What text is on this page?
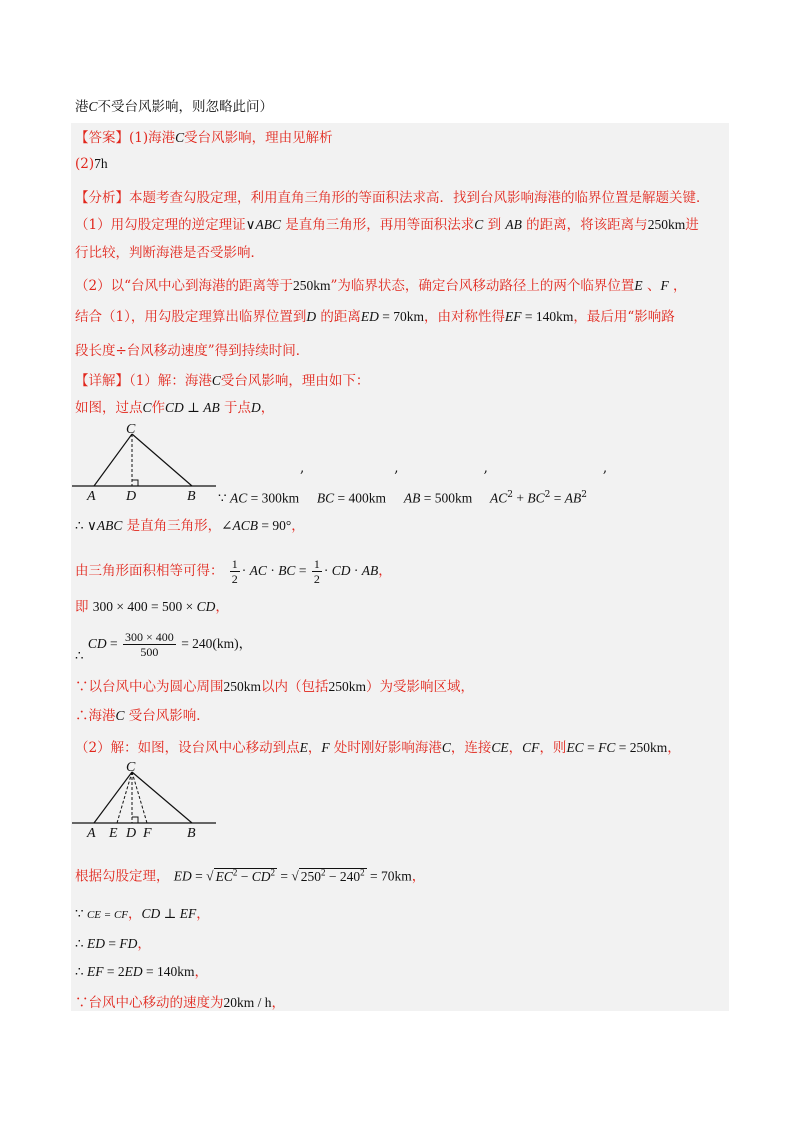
港C不受台风影响，则忽略此问）
【答案】(1)海港C受台风影响，理由见解析
(2)7h
【分析】本题考查勾股定理，利用直角三角形的等面积法求高．找到台风影响海港的临界位置是解题关键．
（1）用勾股定理的逆定理证∨ABC 是直角三角形，再用等面积法求C 到 AB 的距离，将该距离与250km进
行比较，判断海港是否受影响．
（2）以“台风中心到海港的距离等于250km”为临界状态，确定台风移动路径上的两个临界位置E 、F ，
结合（1），用勾股定理算出临界位置到D 的距离ED = 70km，由对称性得EF = 140km，最后用“影响路
段长度÷台风移动速度”得到持续时间．
【详解】（1）解：海港C受台风影响，理由如下：
如图，过点C作CD ⊥ AB 于点D，
C
A D	B
,	,	,	,
∵ AC = 300km　 BC = 400km　 AB = 500km　 $AC^2 + BC^2 = AB^2$
∴ ∨ABC 是直角三角形，∠ACB = 90°，
由三角形面积相等可得： $\frac{1}{2}$ · AC · BC = $\frac{1}{2}$ · CD · AB，
即 300 × 400 = 500 × CD，
∴ CD = $\frac{300 \times 400}{500} = 240(km)$，
∵以台风中心为圆心周围250km以内（包括250km）为受影响区域，
∴海港C 受台风影响．
（2）解：如图，设台风中心移动到点E，F 处时刚好影响海港C，连接CE，CF，则EC = FC = 250km，
C
A E D F	B
根据勾股定理， ED = √ $EC^2 - CD^2$ = √ $250^2 - 240^2 = 70km$，
∵ CE = CF，CD ⊥ EF，
∴ ED = FD，
∴ EF = 2ED = 140km，
∵台风中心移动的速度为20km / h，
